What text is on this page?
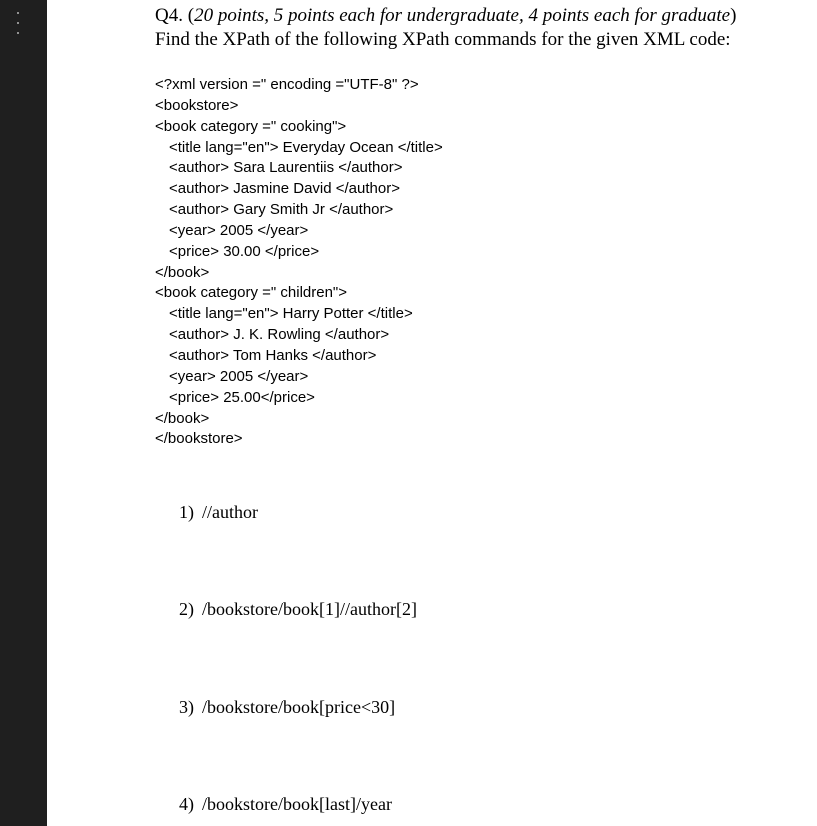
Q4. (20 points, 5 points each for undergraduate, 4 points each for graduate)
Find the XPath of the following XPath commands for the given XML code:
<?xml version =" encoding ="UTF-8" ?>
<bookstore>
<book category =" cooking">
<title lang="en"> Everyday Ocean </title>
<author> Sara Laurentiis </author>
<author> Jasmine David </author>
<author> Gary Smith Jr </author>
<year> 2005 </year>
<price> 30.00 </price>
</book>
<book category =" children">
<title lang="en"> Harry Potter </title>
<author> J. K. Rowling </author>
<author> Tom Hanks </author>
<year> 2005 </year>
<price> 25.00</price>
</book>
</bookstore>
1) //author
2) /bookstore/book[1]//author[2]
3) /bookstore/book[price<30]
4) /bookstore/book[last]/year
